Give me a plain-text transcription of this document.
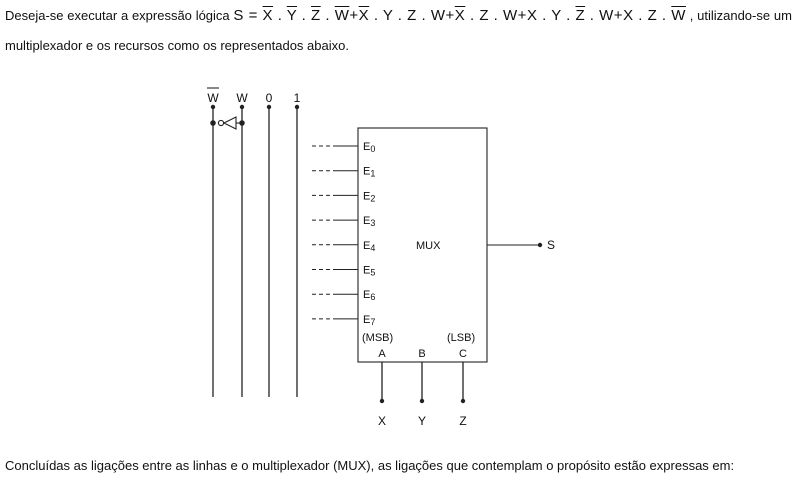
Deseja-se executar a expressão lógica $S = \overline{X}$ . $\overline{Y}$ . $\overline{Z}$ . $\overline{W}+\overline{X}$ . Y . Z . $W+\overline{X}$ . Z . W+X . Y . $\overline{Z}$ . W+X . Z . $\overline{W}$ , utilizando-se um
multiplexador e os recursos como os representados abaixo.
W W 0 1
MUX
E0
E1
E2
E3
E4
E5
E6
E7
(MSB)	(LSB)
A	B	C
X	Y	Z
S
Concluídas as ligações entre as linhas e o multiplexador (MUX), as ligações que contemplam o propósito estão expressas em:
